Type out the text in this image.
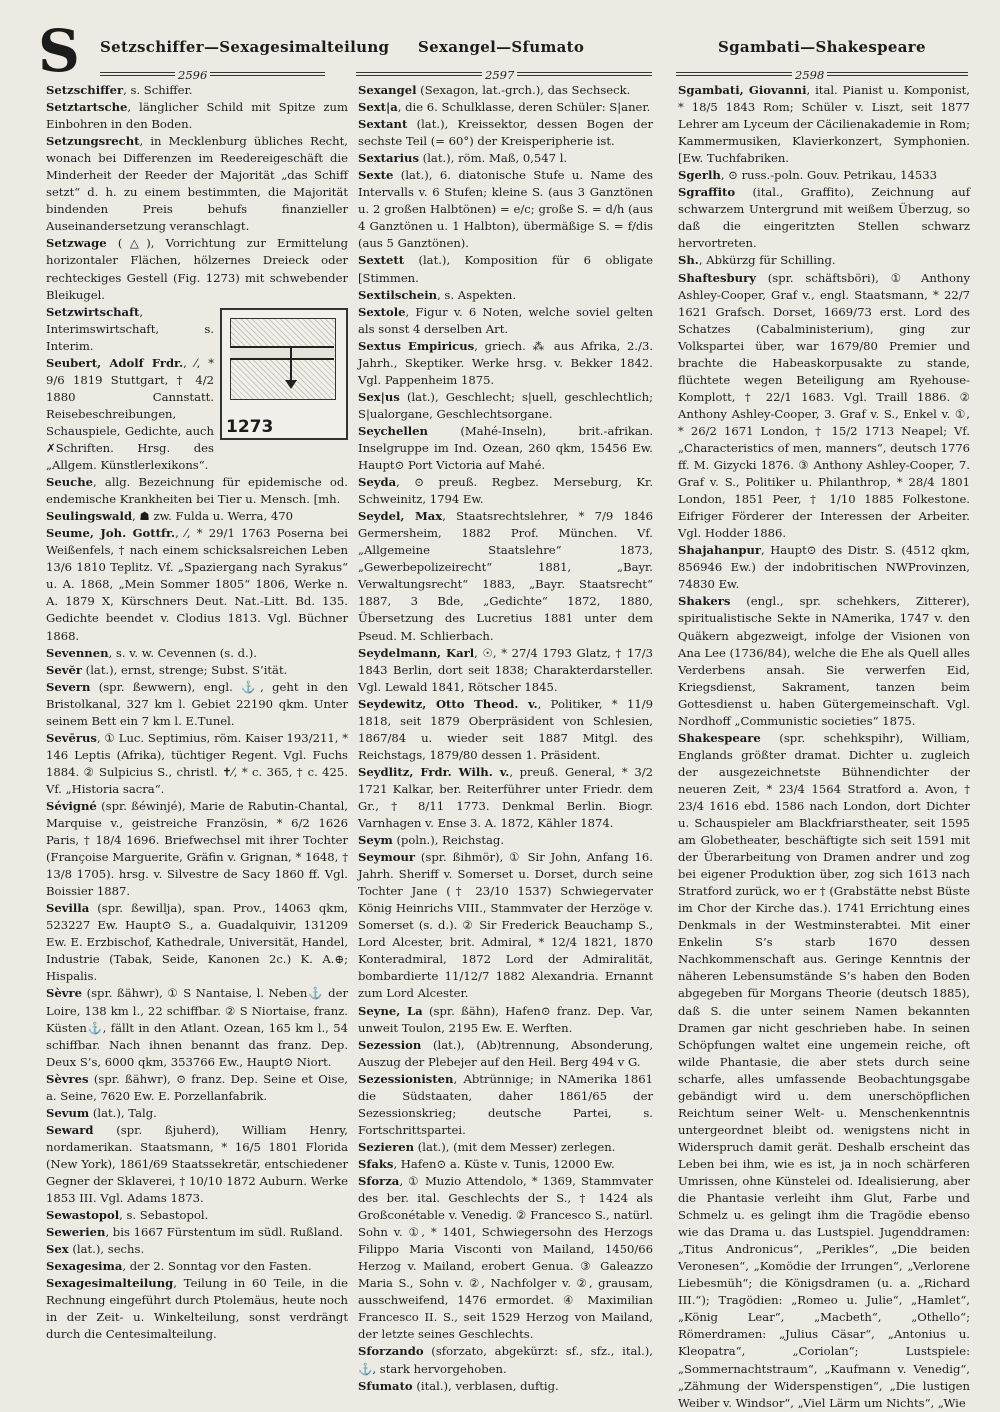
S Setzschiffer—Sexagesimalteilung Sexangel—Sfumato	Sgambati—Shakespeare
2596	2597	2598

Setzschiffer, s. Schiffer.

Setztartsche, länglicher Schild mit Spitze zum Einbohren in den Boden.

Setzungsrecht, in Mecklenburg übliches Recht, wonach bei Differenzen im Reedereigeschäft die Minderheit der Reeder der Majorität „das Schiff setzt“ d. h. zu einem bestimmten, die Majorität bindenden Preis behufs finanzieller Auseinandersetzung veranschlagt.

Setzwage (△), Vorrichtung zur Ermittelung horizontaler Flächen, hölzernes Dreieck oder rechteckiges Gestell (Fig. 1273) mit schwebender Bleikugel.

1273

Setzwirtschaft, Interimswirtschaft, s. Interim.

Seubert, Adolf Frdr., ⁄, * 9/6 1819 Stuttgart, † 4/2 1880 Cannstatt. Reisebeschreibungen, Schauspiele, Gedichte, auch ✗Schriften. Hrsg. des „Allgem. Künstlerlexikons“.

Seuche, allg. Bezeichnung für epidemische od. endemische Krankheiten bei Tier u. Mensch. [mh.

Seulingswald, ☗ zw. Fulda u. Werra, 470

Seume, Joh. Gottfr., ⁄, * 29/1 1763 Poserna bei Weißenfels, † nach einem schicksalsreichen Leben 13/6 1810 Teplitz. Vf. „Spaziergang nach Syrakus“ u. A. 1868, „Mein Sommer 1805“ 1806, Werke n. A. 1879 X, Kürschners Deut. Nat.-Litt. Bd. 135. Gedichte beendet v. Clodius 1813. Vgl. Büchner 1868.

Sevennen, s. v. w. Cevennen (s. d.).

Sevĕr (lat.), ernst, strenge; Subst. S’ität.

Severn (spr. ßewwern), engl. ⚓, geht in den Bristolkanal, 327 km l. Gebiet 22190 qkm. Unter seinem Bett ein 7 km l. E.Tunel.

Sevērus, ① Luc. Septimius, röm. Kaiser 193/211, * 146 Leptis (Afrika), tüchtiger Regent. Vgl. Fuchs 1884. ② Sulpicius S., christl. ✝⁄, * c. 365, † c. 425. Vf. „Historia sacra“.

Sévigné (spr. ßéwinjé), Marie de Rabutin-Chantal, Marquise v., geistreiche Französin, * 6/2 1626 Paris, † 18/4 1696. Briefwechsel mit ihrer Tochter (Françoise Marguerite, Gräfin v. Grignan, * 1648, † 13/8 1705). hrsg. v. Silvestre de Sacy 1860 ff. Vgl. Boissier 1887.

Sevilla (spr. ßewillja), span. Prov., 14063 qkm, 523227 Ew. Haupt⊙ S., a. Guadalquivir, 131209 Ew. E. Erzbischof, Kathedrale, Universität, Handel, Industrie (Tabak, Seide, Kanonen 2c.) K. A.⊕; Hispalis.

Sèvre (spr. ßähwr), ① S Nantaise, l. Neben⚓ der Loire, 138 km l., 22 schiffbar. ② S Niortaise, franz. Küsten⚓, fällt in den Atlant. Ozean, 165 km l., 54 schiffbar. Nach ihnen benannt das franz. Dep. Deux S’s, 6000 qkm, 353766 Ew., Haupt⊙ Niort.

Sèvres (spr. ßähwr), ⊙ franz. Dep. Seine et Oise, a. Seine, 7620 Ew. E. Porzellanfabrik.

Sevum (lat.), Talg.

Seward (spr. ßjuherd), William Henry, nordamerikan. Staatsmann, * 16/5 1801 Florida (New York), 1861/69 Staatssekretär, entschiedener Gegner der Sklaverei, † 10/10 1872 Auburn. Werke 1853 III. Vgl. Adams 1873.

Sewastopol, s. Sebastopol.

Sewerien, bis 1667 Fürstentum im südl. Rußland.

Sex (lat.), sechs.

Sexagesima, der 2. Sonntag vor den Fasten.

Sexagesimalteilung, Teilung in 60 Teile, in die Rechnung eingeführt durch Ptolemäus, heute noch in der Zeit- u. Winkelteilung, sonst verdrängt durch die Centesimalteilung.

Sexangel (Sexagon, lat.-grch.), das Sechseck.

Sext|a, die 6. Schulklasse, deren Schüler: S|aner.

Sextant (lat.), Kreissektor, dessen Bogen der sechste Teil (= 60°) der Kreisperipherie ist.

Sextarius (lat.), röm. Maß, 0,547 l.

Sexte (lat.), 6. diatonische Stufe u. Name des Intervalls v. 6 Stufen; kleine S. (aus 3 Ganztönen u. 2 großen Halbtönen) = e/c; große S. = d/h (aus 4 Ganztönen u. 1 Halbton), übermäßige S. = f/dis (aus 5 Ganztönen).

Sextett (lat.), Komposition für 6 obligate [Stimmen.

Sextilschein, s. Aspekten.

Sextole, Figur v. 6 Noten, welche soviel gelten als sonst 4 derselben Art.

Sextus Empiricus, griech. ⁂ aus Afrika, 2./3. Jahrh., Skeptiker. Werke hrsg. v. Bekker 1842. Vgl. Pappenheim 1875.

Sex|us (lat.), Geschlecht; s|uell, geschlechtlich; S|ualorgane, Geschlechtsorgane.

Seychellen (Mahé-Inseln), brit.-afrikan. Inselgruppe im Ind. Ozean, 260 qkm, 15456 Ew. Haupt⊙ Port Victoria auf Mahé.

Seyda, ⊙ preuß. Regbez. Merseburg, Kr. Schweinitz, 1794 Ew.

Seydel, Max, Staatsrechtslehrer, * 7/9 1846 Germersheim, 1882 Prof. München. Vf. „Allgemeine Staatslehre“ 1873, „Gewerbepolizeirecht“ 1881, „Bayr. Verwaltungsrecht“ 1883, „Bayr. Staatsrecht“ 1887, 3 Bde, „Gedichte“ 1872, 1880, Übersetzung des Lucretius 1881 unter dem Pseud. M. Schlierbach.

Seydelmann, Karl, ☉, * 27/4 1793 Glatz, † 17/3 1843 Berlin, dort seit 1838; Charakterdarsteller. Vgl. Lewald 1841, Rötscher 1845.

Seydewitz, Otto Theod. v., Politiker, * 11/9 1818, seit 1879 Oberpräsident von Schlesien, 1867/84 u. wieder seit 1887 Mitgl. des Reichstags, 1879/80 dessen 1. Präsident.

Seydlitz, Frdr. Wilh. v., preuß. General, * 3/2 1721 Kalkar, ber. Reiterführer unter Friedr. dem Gr., † 8/11 1773. Denkmal Berlin. Biogr. Varnhagen v. Ense 3. A. 1872, Kähler 1874.

Seym (poln.), Reichstag.

Seymour (spr. ßihmör), ① Sir John, Anfang 16. Jahrh. Sheriff v. Somerset u. Dorset, durch seine Tochter Jane († 23/10 1537) Schwiegervater König Heinrichs VIII., Stammvater der Herzöge v. Somerset (s. d.). ② Sir Frederick Beauchamp S., Lord Alcester, brit. Admiral, * 12/4 1821, 1870 Konteradmiral, 1872 Lord der Admiralität, bombardierte 11/12/7 1882 Alexandria. Ernannt zum Lord Alcester.

Seyne, La (spr. ßähn), Hafen⊙ franz. Dep. Var, unweit Toulon, 2195 Ew. E. Werften.

Sezession (lat.), (Ab)trennung, Absonderung, Auszug der Plebejer auf den Heil. Berg 494 v G.

Sezessionisten, Abtrünnige; in NAmerika 1861 die Südstaaten, daher 1861/65 der Sezessionskrieg; deutsche Partei, s. Fortschrittspartei.

Sezieren (lat.), (mit dem Messer) zerlegen.

Sfaks, Hafen⊙ a. Küste v. Tunis, 12000 Ew.

Sforza, ① Muzio Attendolo, * 1369, Stammvater des ber. ital. Geschlechts der S., † 1424 als Großconétable v. Venedig. ② Francesco S., natürl. Sohn v. ①, * 1401, Schwiegersohn des Herzogs Filippo Maria Visconti von Mailand, 1450/66 Herzog v. Mailand, erobert Genua. ③ Galeazzo Maria S., Sohn v. ②, Nachfolger v. ②, grausam, ausschweifend, 1476 ermordet. ④ Maximilian Francesco II. S., seit 1529 Herzog von Mailand, der letzte seines Geschlechts.

Sforzando (sforzato, abgekürzt: sf., sfz., ital.), ⚓, stark hervorgehoben.

Sfumato (ital.), verblasen, duftig.

Sgambati, Giovanni, ital. Pianist u. Komponist, * 18/5 1843 Rom; Schüler v. Liszt, seit 1877 Lehrer am Lyceum der Cäcilienakademie in Rom; Kammermusiken, Klavierkonzert, Symphonien. [Ew. Tuchfabriken.

Sgerlh, ⊙ russ.-poln. Gouv. Petrikau, 14533

Sgraffito (ital., Graffito), Zeichnung auf schwarzem Untergrund mit weißem Überzug, so daß die eingeritzten Stellen schwarz hervortreten.

Sh., Abkürzg für Schilling.

Shaftesbury (spr. schäftsböri), ① Anthony Ashley-Cooper, Graf v., engl. Staatsmann, * 22/7 1621 Grafsch. Dorset, 1669/73 erst. Lord des Schatzes (Cabalministerium), ging zur Volkspartei über, war 1679/80 Premier und brachte die Habeaskorpusakte zu stande, flüchtete wegen Beteiligung am Ryehouse-Komplott, † 22/1 1683. Vgl. Traill 1886. ② Anthony Ashley-Cooper, 3. Graf v. S., Enkel v. ①, * 26/2 1671 London, † 15/2 1713 Neapel; Vf. „Characteristics of men, manners“, deutsch 1776 ff. M. Gizycki 1876. ③ Anthony Ashley-Cooper, 7. Graf v. S., Politiker u. Philanthrop, * 28/4 1801 London, 1851 Peer, † 1/10 1885 Folkestone. Eifriger Förderer der Interessen der Arbeiter. Vgl. Hodder 1886.

Shajahanpur, Haupt⊙ des Distr. S. (4512 qkm, 856946 Ew.) der indobritischen NWProvinzen, 74830 Ew.

Shakers (engl., spr. schehkers, Zitterer), spiritualistische Sekte in NAmerika, 1747 v. den Quäkern abgezweigt, infolge der Visionen von Ana Lee (1736/84), welche die Ehe als Quell alles Verderbens ansah. Sie verwerfen Eid, Kriegsdienst, Sakrament, tanzen beim Gottesdienst u. haben Gütergemeinschaft. Vgl. Nordhoff „Communistic societies“ 1875.

Shakespeare (spr. schehkspihr), William, Englands größter dramat. Dichter u. zugleich der ausgezeichnetste Bühnendichter der neueren Zeit, * 23/4 1564 Stratford a. Avon, † 23/4 1616 ebd. 1586 nach London, dort Dichter u. Schauspieler am Blackfriarstheater, seit 1595 am Globetheater, beschäftigte sich seit 1591 mit der Überarbeitung von Dramen andrer und zog bei eigener Produktion über, zog sich 1613 nach Stratford zurück, wo er † (Grabstätte nebst Büste im Chor der Kirche das.). 1741 Errichtung eines Denkmals in der Westminsterabtei. Mit einer Enkelin S’s starb 1670 dessen Nachkommenschaft aus. Geringe Kenntnis der näheren Lebensumstände S’s haben den Boden abgegeben für Morgans Theorie (deutsch 1885), daß S. die unter seinem Namen bekannten Dramen gar nicht geschrieben habe. In seinen Schöpfungen waltet eine ungemein reiche, oft wilde Phantasie, die aber stets durch seine scharfe, alles umfassende Beobachtungsgabe gebändigt wird u. dem unerschöpflichen Reichtum seiner Welt- u. Menschenkenntnis untergeordnet bleibt od. wenigstens nicht in Widerspruch damit gerät. Deshalb erscheint das Leben bei ihm, wie es ist, ja in noch schärferen Umrissen, ohne Künstelei od. Idealisierung, aber die Phantasie verleiht ihm Glut, Farbe und Schmelz u. es gelingt ihm die Tragödie ebenso wie das Drama u. das Lustspiel. Jugenddramen: „Titus Andronicus“, „Perikles“, „Die beiden Veronesen“, „Komödie der Irrungen“, „Verlorene Liebesmüh“; die Königsdramen (u. a. „Richard III.“); Tragödien: „Romeo u. Julie“, „Hamlet“, „König Lear“, „Macbeth“, „Othello“; Römerdramen: „Julius Cäsar“, „Antonius u. Kleopatra“, „Coriolan“; Lustspiele: „Sommernachtstraum“, „Kaufmann v. Venedig“, „Zähmung der Widerspenstigen“, „Die lustigen Weiber v. Windsor“, „Viel Lärm um Nichts“, „Wie
